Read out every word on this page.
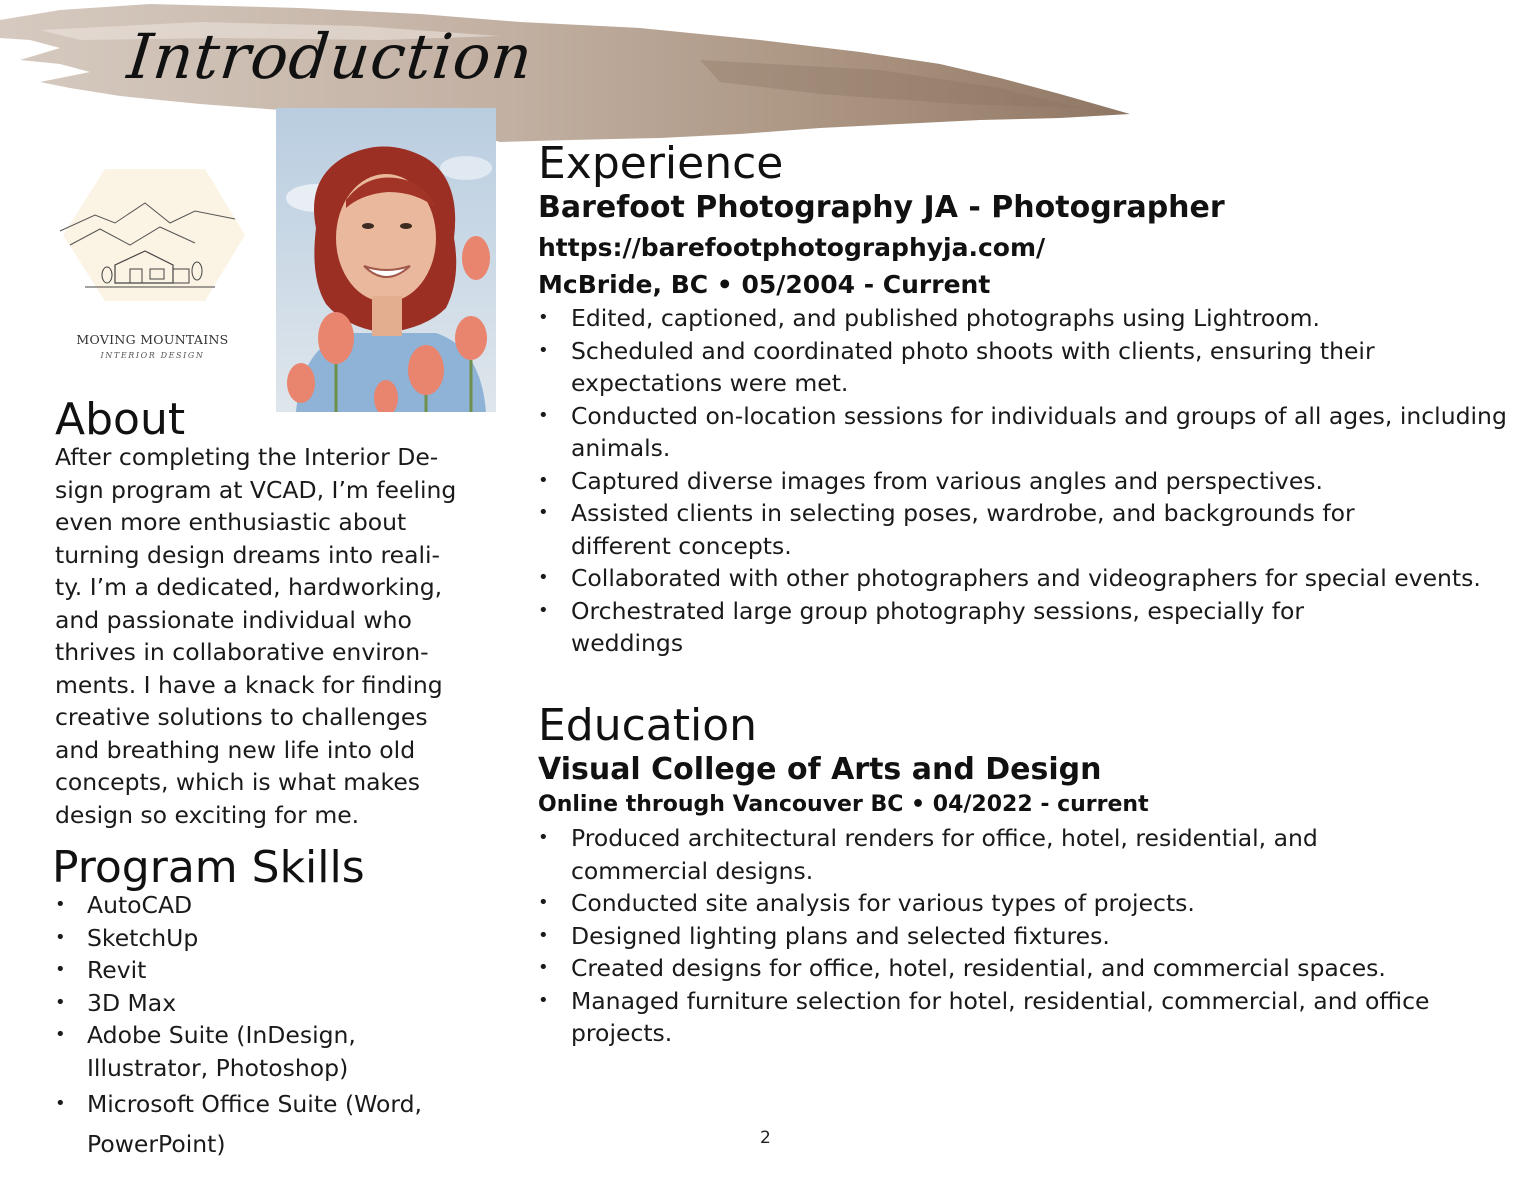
Introduction
MOVING MOUNTAINS
INTERIOR DESIGN
About
After completing the Interior De-
sign program at VCAD, I’m feeling
even more enthusiastic about
turning design dreams into reali-
ty. I’m a dedicated, hardworking,
and passionate individual who
thrives in collaborative environ-
ments. I have a knack for finding
creative solutions to challenges
and breathing new life into old
concepts, which is what makes
design so exciting for me.
Program Skills
• AutoCAD
• SketchUp
• Revit
• 3D Max
• Adobe Suite (InDesign, Illustrator, Photoshop)
• Microsoft Office Suite (Word, PowerPoint)
Experience
Barefoot Photography JA - Photographer
https://barefootphotographyja.com/
McBride, BC • 05/2004 - Current
• Edited, captioned, and published photographs using Lightroom.
• Scheduled and coordinated photo shoots with clients, ensuring their expectations were met.
• Conducted on-location sessions for individuals and groups of all ages, including animals.
• Captured diverse images from various angles and perspectives.
• Assisted clients in selecting poses, wardrobe, and backgrounds for different concepts.
• Collaborated with other photographers and videographers for special events.
• Orchestrated large group photography sessions, especially for weddings
Education
Visual College of Arts and Design
Online through Vancouver BC • 04/2022 - current
• Produced architectural renders for office, hotel, residential, and commercial designs.
• Conducted site analysis for various types of projects.
• Designed lighting plans and selected fixtures.
• Created designs for office, hotel, residential, and commercial spaces.
• Managed furniture selection for hotel, residential, commercial, and office projects.
2
